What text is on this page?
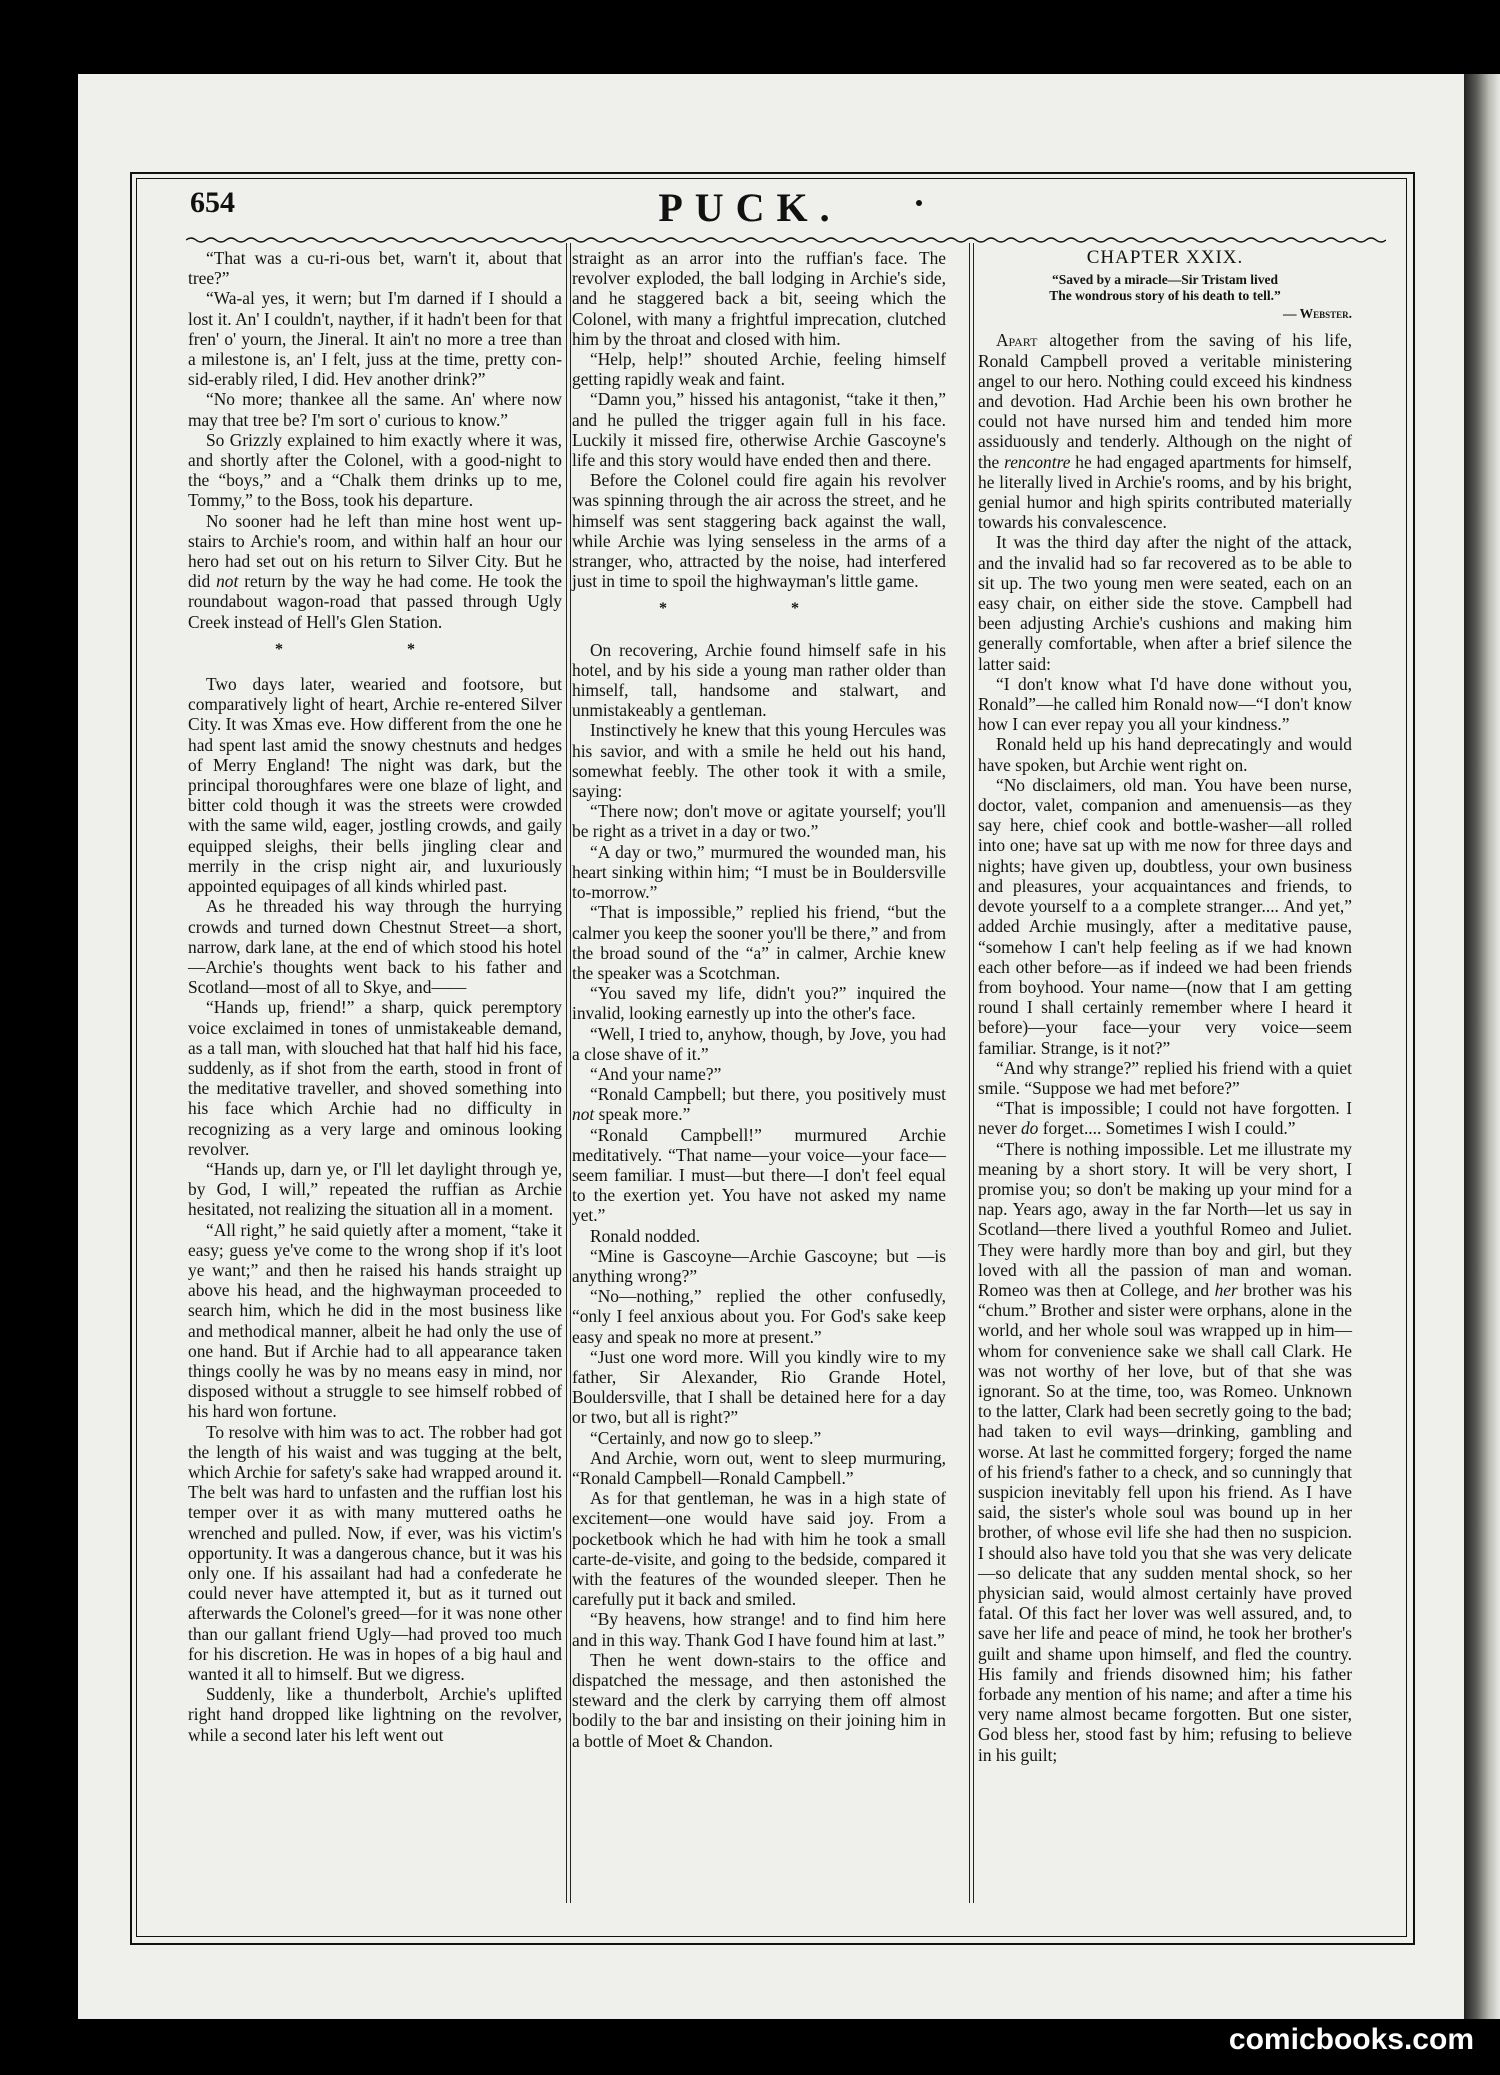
654	PUCK.

“That was a cu-ri-ous bet, warn't it, about that tree?”

“Wa-al yes, it wern; but I'm darned if I should a lost it. An' I couldn't, nayther, if it hadn't been for that fren' o' yourn, the Jineral. It ain't no more a tree than a milestone is, an' I felt, juss at the time, pretty con-sid-erably riled, I did. Hev another drink?”

“No more; thankee all the same. An' where now may that tree be? I'm sort o' curious to know.”

So Grizzly explained to him exactly where it was, and shortly after the Colonel, with a good-night to the “boys,” and a “Chalk them drinks up to me, Tommy,” to the Boss, took his departure.

No sooner had he left than mine host went up-stairs to Archie's room, and within half an hour our hero had set out on his return to Silver City. But he did not return by the way he had come. He took the roundabout wagon-road that passed through Ugly Creek instead of Hell's Glen Station.

* *

Two days later, wearied and footsore, but comparatively light of heart, Archie re-entered Silver City. It was Xmas eve. How different from the one he had spent last amid the snowy chestnuts and hedges of Merry England! The night was dark, but the principal thoroughfares were one blaze of light, and bitter cold though it was the streets were crowded with the same wild, eager, jostling crowds, and gaily equipped sleighs, their bells jingling clear and merrily in the crisp night air, and luxuriously appointed equipages of all kinds whirled past.

As he threaded his way through the hurrying crowds and turned down Chestnut Street—a short, narrow, dark lane, at the end of which stood his hotel—Archie's thoughts went back to his father and Scotland—most of all to Skye, and——

“Hands up, friend!” a sharp, quick peremptory voice exclaimed in tones of unmistakeable demand, as a tall man, with slouched hat that half hid his face, suddenly, as if shot from the earth, stood in front of the meditative traveller, and shoved something into his face which Archie had no difficulty in recognizing as a very large and ominous looking revolver.

“Hands up, darn ye, or I'll let daylight through ye, by God, I will,” repeated the ruffian as Archie hesitated, not realizing the situation all in a moment.

“All right,” he said quietly after a moment, “take it easy; guess ye've come to the wrong shop if it's loot ye want;” and then he raised his hands straight up above his head, and the highwayman proceeded to search him, which he did in the most business like and methodical manner, albeit he had only the use of one hand. But if Archie had to all appearance taken things coolly he was by no means easy in mind, nor disposed without a struggle to see himself robbed of his hard won fortune.

To resolve with him was to act. The robber had got the length of his waist and was tugging at the belt, which Archie for safety's sake had wrapped around it. The belt was hard to unfasten and the ruffian lost his temper over it as with many muttered oaths he wrenched and pulled. Now, if ever, was his victim's opportunity. It was a dangerous chance, but it was his only one. If his assailant had had a confederate he could never have attempted it, but as it turned out afterwards the Colonel's greed—for it was none other than our gallant friend Ugly—had proved too much for his discretion. He was in hopes of a big haul and wanted it all to himself. But we digress.

Suddenly, like a thunderbolt, Archie's uplifted right hand dropped like lightning on the revolver, while a second later his left went out

straight as an arror into the ruffian's face. The revolver exploded, the ball lodging in Archie's side, and he staggered back a bit, seeing which the Colonel, with many a frightful imprecation, clutched him by the throat and closed with him.

“Help, help!” shouted Archie, feeling himself getting rapidly weak and faint.

“Damn you,” hissed his antagonist, “take it then,” and he pulled the trigger again full in his face. Luckily it missed fire, otherwise Archie Gascoyne's life and this story would have ended then and there.

Before the Colonel could fire again his revolver was spinning through the air across the street, and he himself was sent staggering back against the wall, while Archie was lying senseless in the arms of a stranger, who, attracted by the noise, had interfered just in time to spoil the highwayman's little game.

* *

On recovering, Archie found himself safe in his hotel, and by his side a young man rather older than himself, tall, handsome and stalwart, and unmistakeably a gentleman.

Instinctively he knew that this young Hercules was his savior, and with a smile he held out his hand, somewhat feebly. The other took it with a smile, saying:

“There now; don't move or agitate yourself; you'll be right as a trivet in a day or two.”

“A day or two,” murmured the wounded man, his heart sinking within him; “I must be in Bouldersville to-morrow.”

“That is impossible,” replied his friend, “but the calmer you keep the sooner you'll be there,” and from the broad sound of the “a” in calmer, Archie knew the speaker was a Scotchman.

“You saved my life, didn't you?” inquired the invalid, looking earnestly up into the other's face.

“Well, I tried to, anyhow, though, by Jove, you had a close shave of it.”

“And your name?”

“Ronald Campbell; but there, you positively must not speak more.”

“Ronald Campbell!” murmured Archie meditatively. “That name—your voice—your face—seem familiar. I must—but there—I don't feel equal to the exertion yet. You have not asked my name yet.”

Ronald nodded.

“Mine is Gascoyne—Archie Gascoyne; but —is anything wrong?”

“No—nothing,” replied the other confusedly, “only I feel anxious about you. For God's sake keep easy and speak no more at present.”

“Just one word more. Will you kindly wire to my father, Sir Alexander, Rio Grande Hotel, Bouldersville, that I shall be detained here for a day or two, but all is right?”

“Certainly, and now go to sleep.”

And Archie, worn out, went to sleep murmuring, “Ronald Campbell—Ronald Campbell.”

As for that gentleman, he was in a high state of excitement—one would have said joy. From a pocketbook which he had with him he took a small carte-de-visite, and going to the bedside, compared it with the features of the wounded sleeper. Then he carefully put it back and smiled.

“By heavens, how strange! and to find him here and in this way. Thank God I have found him at last.”

Then he went down-stairs to the office and dispatched the message, and then astonished the steward and the clerk by carrying them off almost bodily to the bar and insisting on their joining him in a bottle of Moet & Chandon.

CHAPTER XXIX.
“Saved by a miracle—Sir Tristam lived
The wondrous story of his death to tell.”
— Webster.

Apart altogether from the saving of his life, Ronald Campbell proved a veritable ministering angel to our hero. Nothing could exceed his kindness and devotion. Had Archie been his own brother he could not have nursed him and tended him more assiduously and tenderly. Although on the night of the rencontre he had engaged apartments for himself, he literally lived in Archie's rooms, and by his bright, genial humor and high spirits contributed materially towards his convalescence.

It was the third day after the night of the attack, and the invalid had so far recovered as to be able to sit up. The two young men were seated, each on an easy chair, on either side the stove. Campbell had been adjusting Archie's cushions and making him generally comfortable, when after a brief silence the latter said:

“I don't know what I'd have done without you, Ronald”—he called him Ronald now—“I don't know how I can ever repay you all your kindness.”

Ronald held up his hand deprecatingly and would have spoken, but Archie went right on.

“No disclaimers, old man. You have been nurse, doctor, valet, companion and amenuensis—as they say here, chief cook and bottle-washer—all rolled into one; have sat up with me now for three days and nights; have given up, doubtless, your own business and pleasures, your acquaintances and friends, to devote yourself to a a complete stranger.... And yet,” added Archie musingly, after a meditative pause, “somehow I can't help feeling as if we had known each other before—as if indeed we had been friends from boyhood. Your name—(now that I am getting round I shall certainly remember where I heard it before)—your face—your very voice—seem familiar. Strange, is it not?”

“And why strange?” replied his friend with a quiet smile. “Suppose we had met before?”

“That is impossible; I could not have forgotten. I never do forget.... Sometimes I wish I could.”

“There is nothing impossible. Let me illustrate my meaning by a short story. It will be very short, I promise you; so don't be making up your mind for a nap. Years ago, away in the far North—let us say in Scotland—there lived a youthful Romeo and Juliet. They were hardly more than boy and girl, but they loved with all the passion of man and woman. Romeo was then at College, and her brother was his “chum.” Brother and sister were orphans, alone in the world, and her whole soul was wrapped up in him—whom for convenience sake we shall call Clark. He was not worthy of her love, but of that she was ignorant. So at the time, too, was Romeo. Unknown to the latter, Clark had been secretly going to the bad; had taken to evil ways—drinking, gambling and worse. At last he committed forgery; forged the name of his friend's father to a check, and so cunningly that suspicion inevitably fell upon his friend. As I have said, the sister's whole soul was bound up in her brother, of whose evil life she had then no suspicion. I should also have told you that she was very delicate—so delicate that any sudden mental shock, so her physician said, would almost certainly have proved fatal. Of this fact her lover was well assured, and, to save her life and peace of mind, he took her brother's guilt and shame upon himself, and fled the country. His family and friends disowned him; his father forbade any mention of his name; and after a time his very name almost became forgotten. But one sister, God bless her, stood fast by him; refusing to believe in his guilt;

comicbooks.com
